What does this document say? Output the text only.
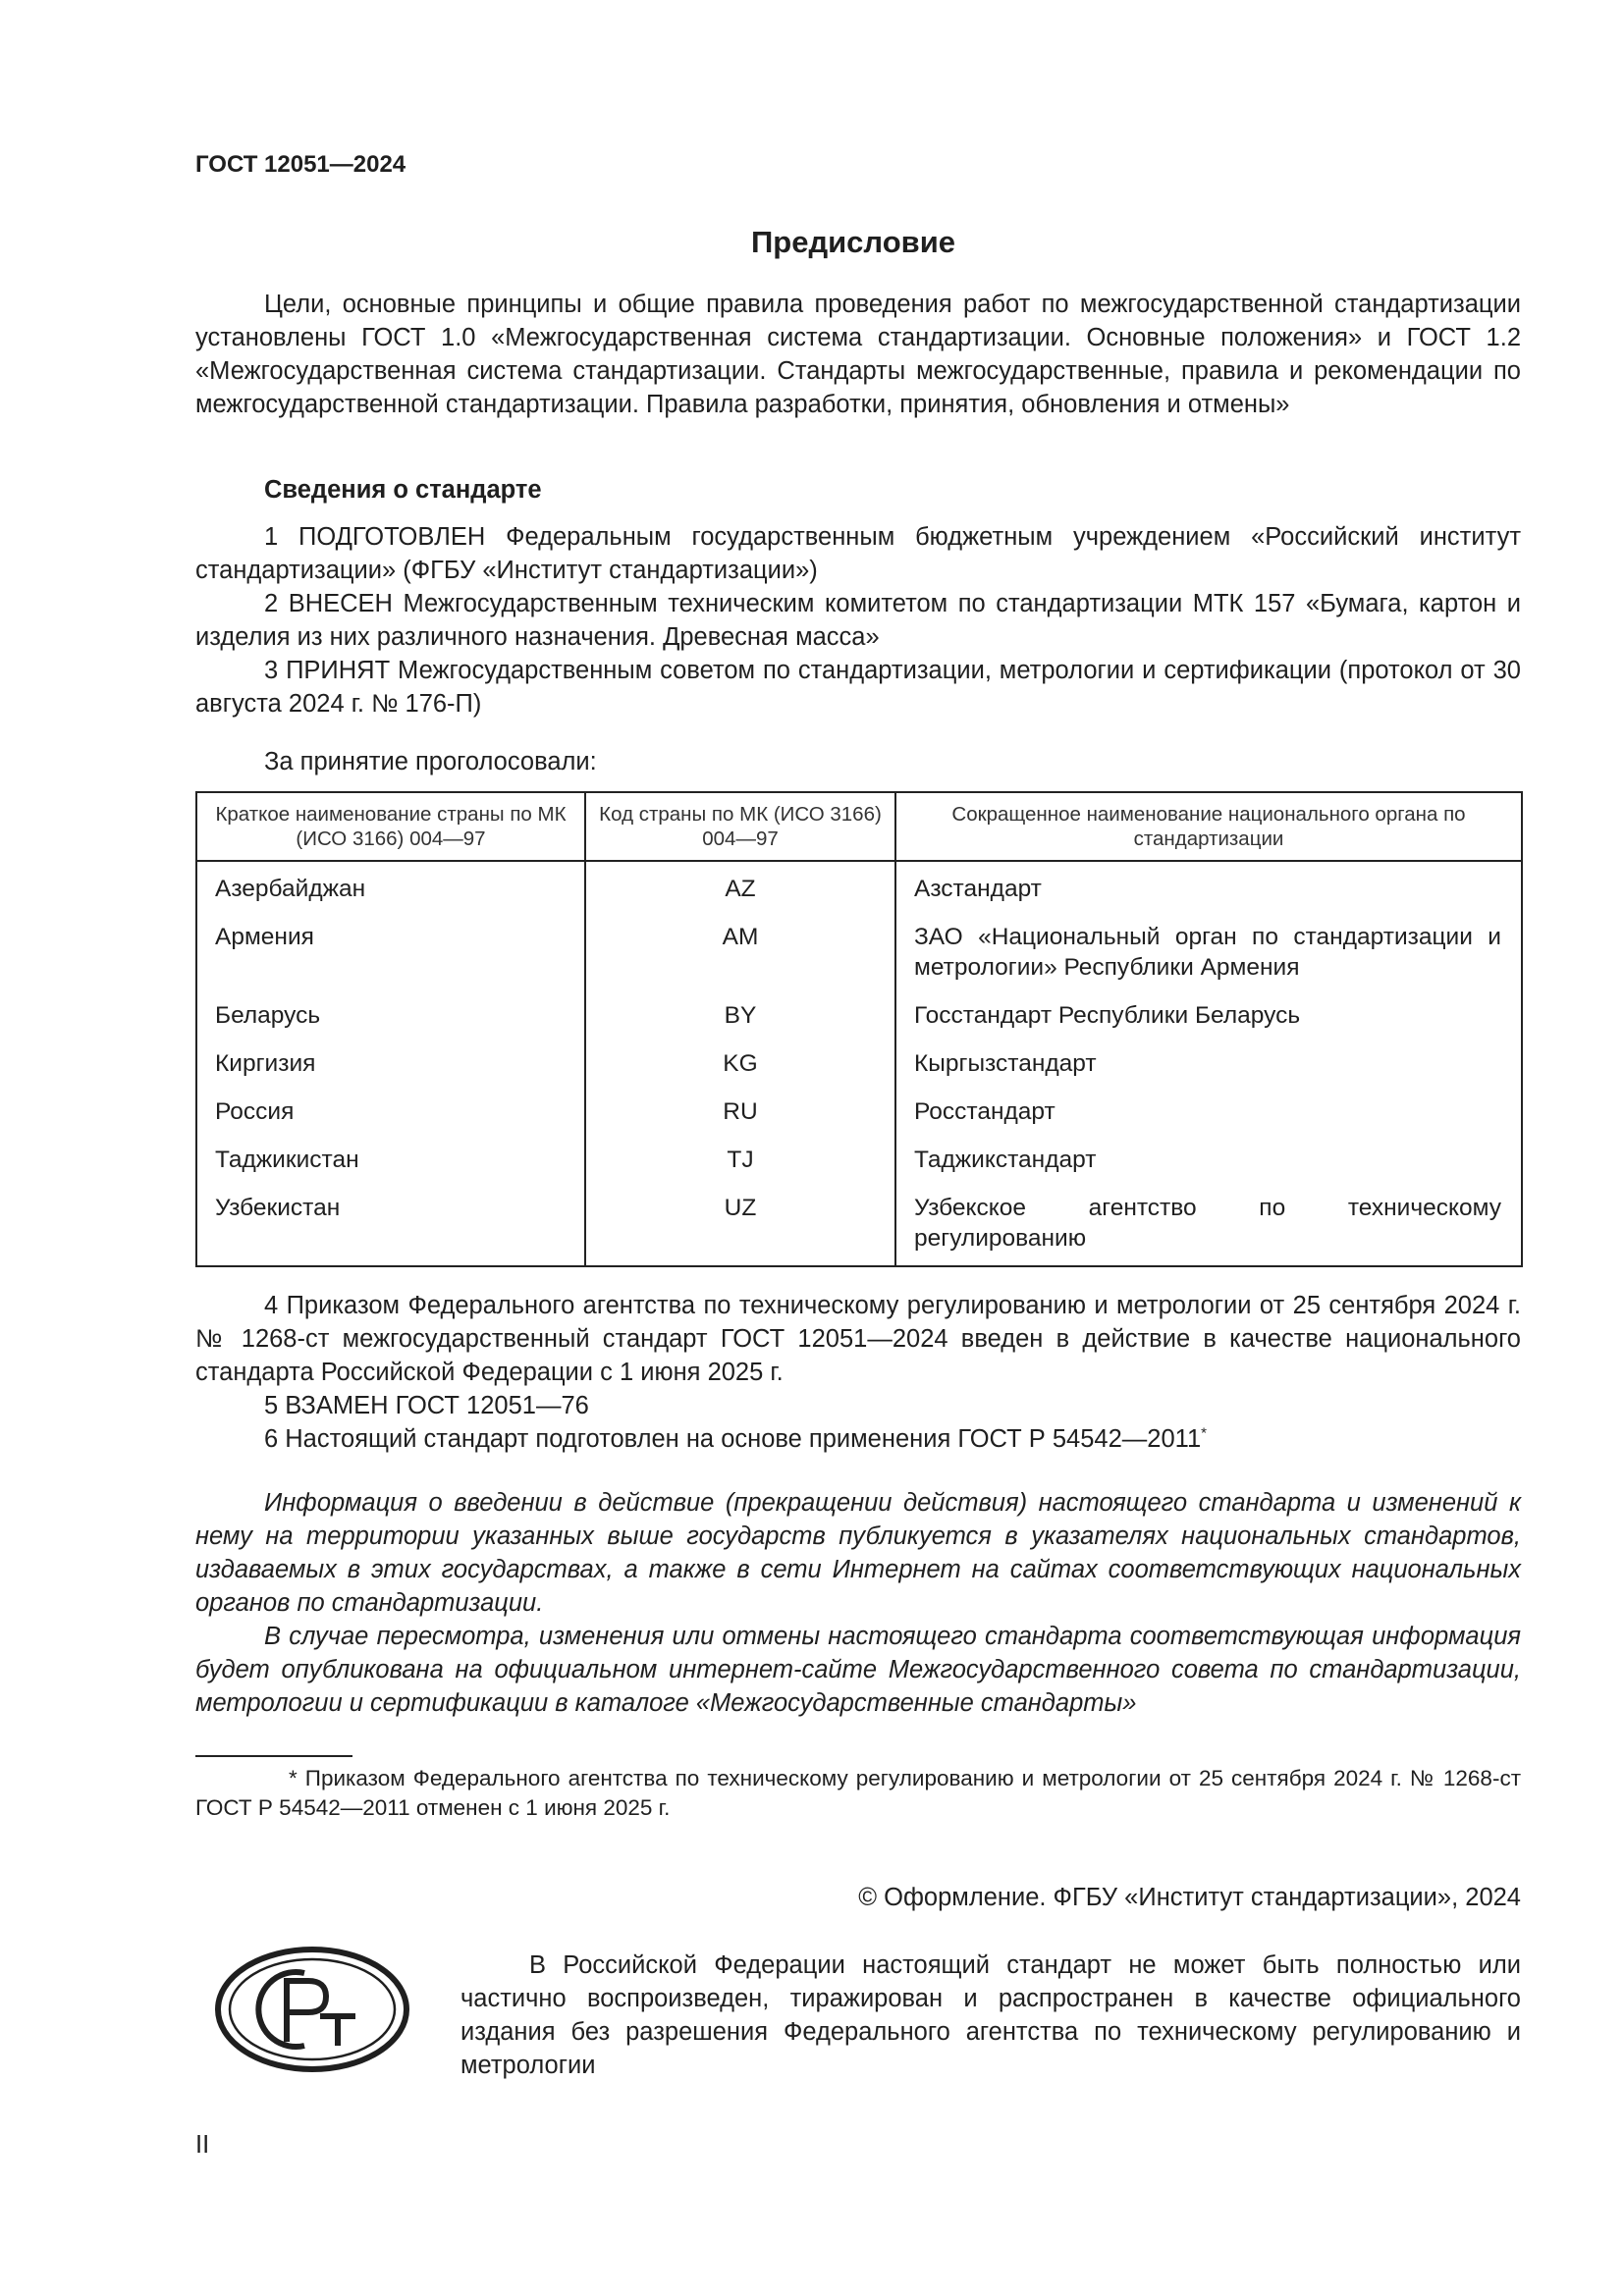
ГОСТ 12051—2024

Предисловие

Цели, основные принципы и общие правила проведения работ по межгосударственной стандартизации установлены ГОСТ 1.0 «Межгосударственная система стандартизации. Основные положения» и ГОСТ 1.2 «Межгосударственная система стандартизации. Стандарты межгосударственные, правила и рекомендации по межгосударственной стандартизации. Правила разработки, принятия, обновления и отмены»

Сведения о стандарте

1 ПОДГОТОВЛЕН Федеральным государственным бюджетным учреждением «Российский институт стандартизации» (ФГБУ «Институт стандартизации»)

2 ВНЕСЕН Межгосударственным техническим комитетом по стандартизации МТК 157 «Бумага, картон и изделия из них различного назначения. Древесная масса»

3 ПРИНЯТ Межгосударственным советом по стандартизации, метрологии и сертификации (протокол от 30 августа 2024 г. № 176-П)

За принятие проголосовали:

Краткое наименование страны по МК (ИСО 3166) 004—97	Код страны по МК (ИСО 3166) 004—97	Сокращенное наименование национального органа по стандартизации
Азербайджан	AZ	Азстандарт
Армения	AM	ЗАО «Национальный орган по стандартизации и метрологии» Республики Армения
Беларусь	BY	Госстандарт Республики Беларусь
Киргизия	KG	Кыргызстандарт
Россия	RU	Росстандарт
Таджикистан	TJ	Таджикстандарт
Узбекистан	UZ	Узбекское агентство по техническому регулированию

4 Приказом Федерального агентства по техническому регулированию и метрологии от 25 сентября 2024 г. № 1268-ст межгосударственный стандарт ГОСТ 12051—2024 введен в действие в качестве национального стандарта Российской Федерации с 1 июня 2025 г.

5 ВЗАМЕН ГОСТ 12051—76

6 Настоящий стандарт подготовлен на основе применения ГОСТ Р 54542—2011*

Информация о введении в действие (прекращении действия) настоящего стандарта и изменений к нему на территории указанных выше государств публикуется в указателях национальных стандартов, издаваемых в этих государствах, а также в сети Интернет на сайтах соответствующих национальных органов по стандартизации.

В случае пересмотра, изменения или отмены настоящего стандарта соответствующая информация будет опубликована на официальном интернет-сайте Межгосударственного совета по стандартизации, метрологии и сертификации в каталоге «Межгосударственные стандарты»

* Приказом Федерального агентства по техническому регулированию и метрологии от 25 сентября 2024 г. № 1268-ст ГОСТ Р 54542—2011 отменен с 1 июня 2025 г.

© Оформление. ФГБУ «Институт стандартизации», 2024

В Российской Федерации настоящий стандарт не может быть полностью или частично воспроизведен, тиражирован и распространен в качестве официального издания без разрешения Федерального агентства по техническому регулированию и метрологии

II
